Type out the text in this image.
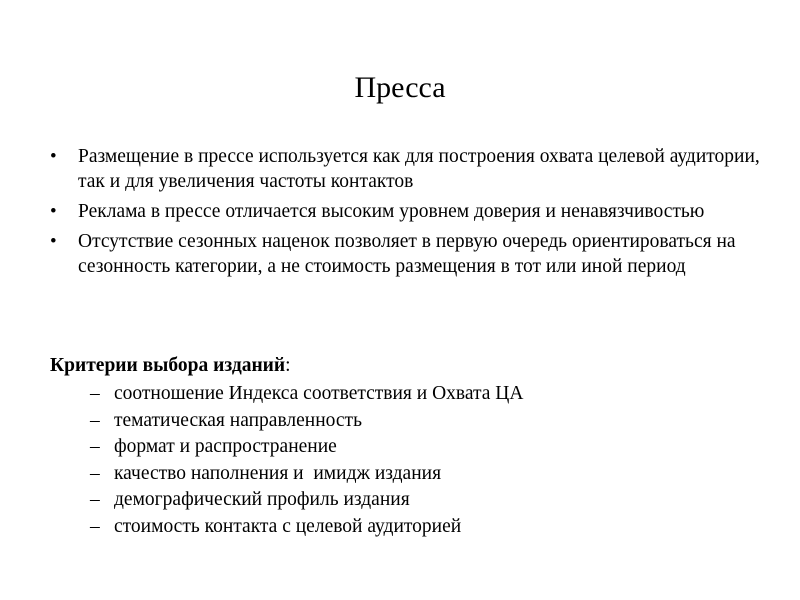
Пресса
•	Размещение в прессе используется как для построения охвата целевой аудитории, так и для увеличения частоты контактов
•	Реклама в прессе отличается высоким уровнем доверия и ненавязчивостью
•	Отсутствие сезонных наценок позволяет в первую очередь ориентироваться на сезонность категории, а не стоимость размещения в тот или иной период
Критерии выбора изданий:
– соотношение Индекса соответствия и Охвата ЦА
– тематическая направленность
– формат и распространение
– качество наполнения и  имидж издания
– демографический профиль издания
– стоимость контакта с целевой аудиторией
